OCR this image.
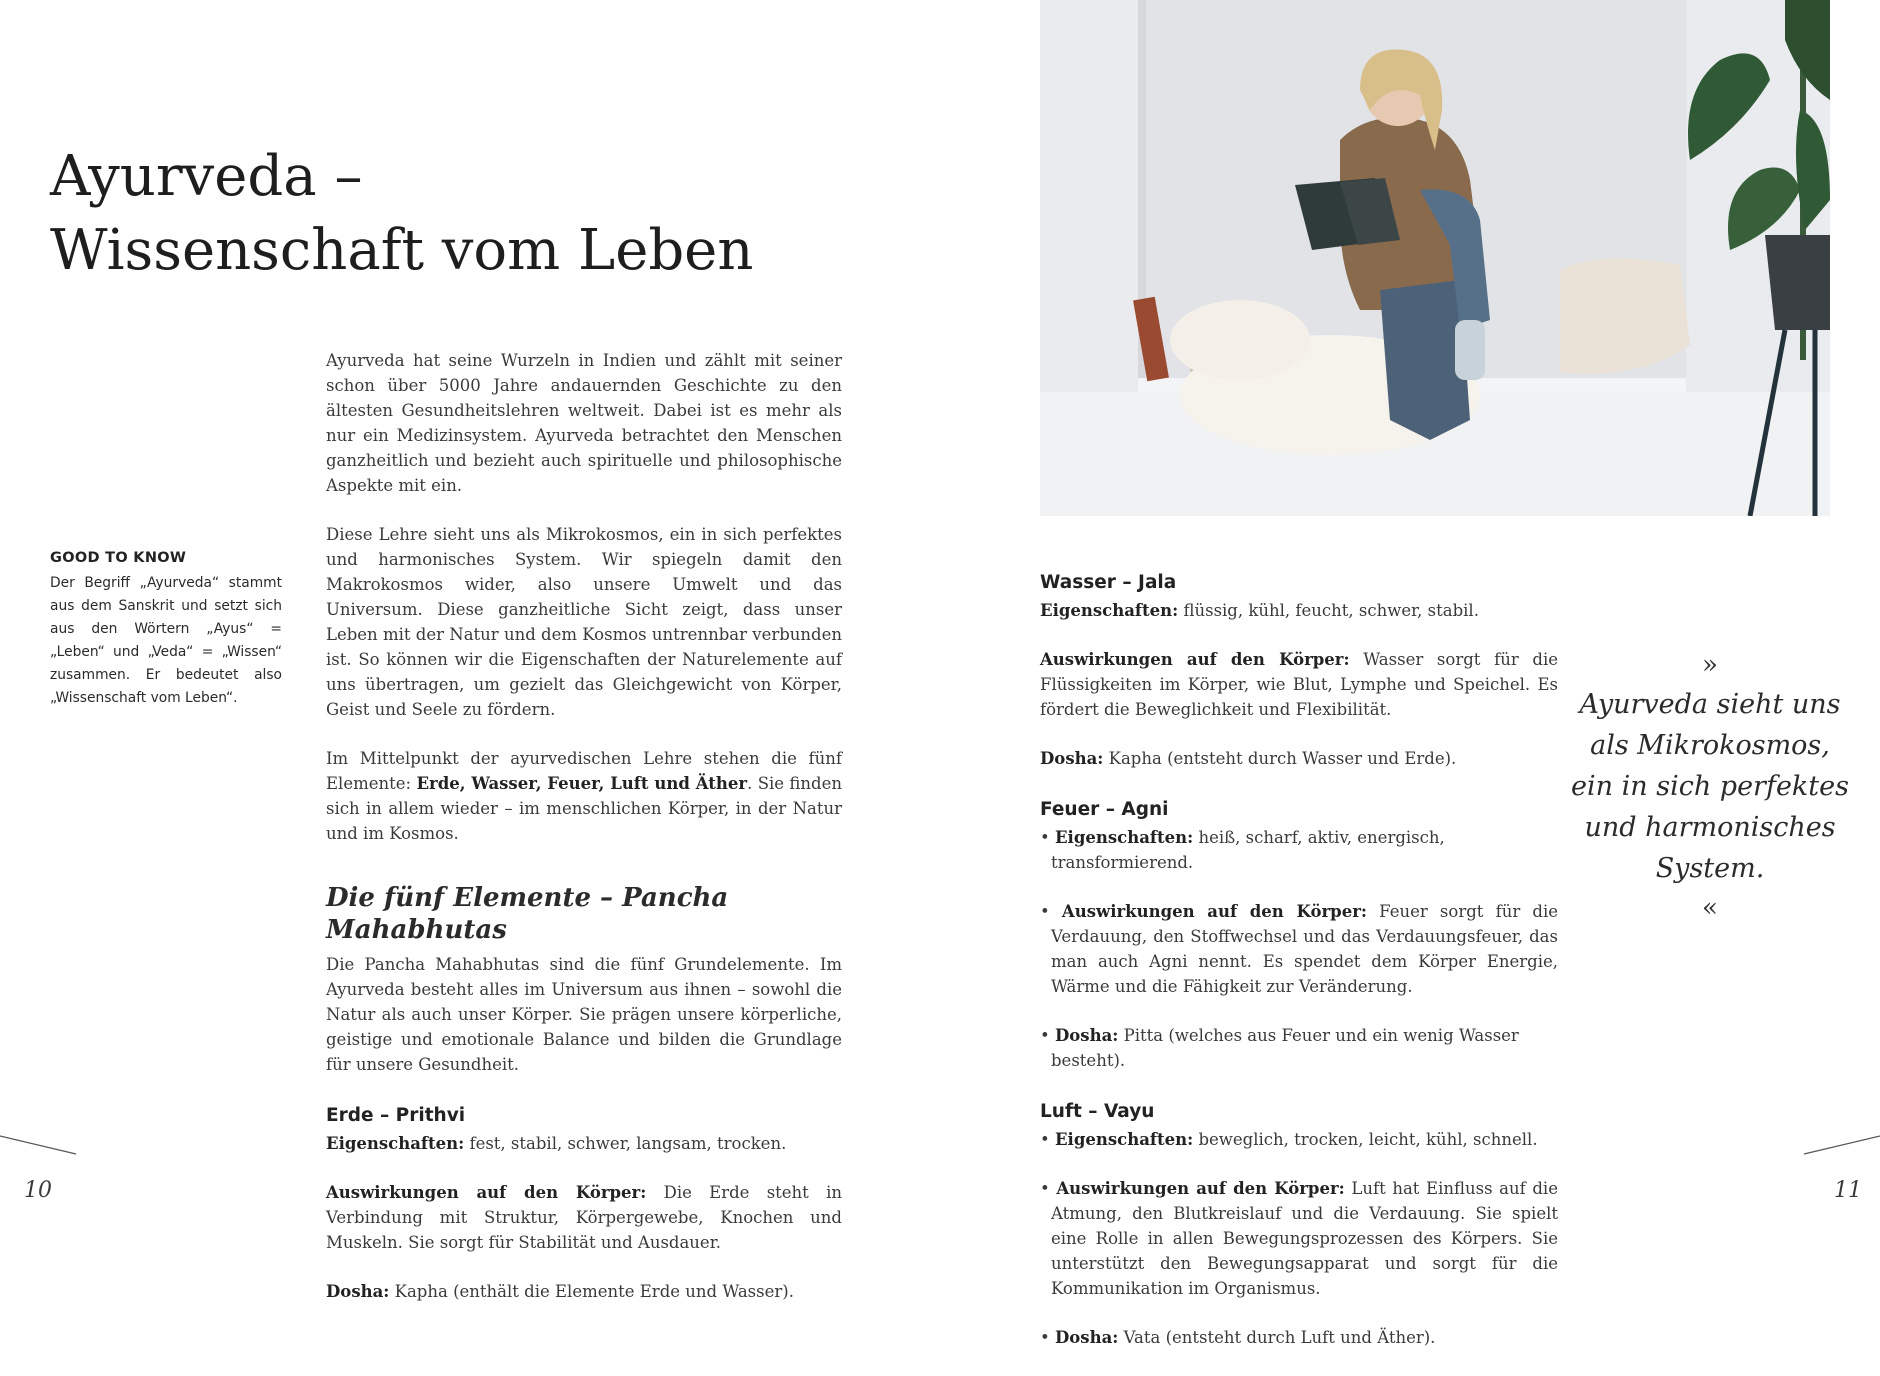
Ayurveda –
Wissenschaft vom Leben
GOOD TO KNOW
Der Begriff „Ayurveda“ stammt aus dem Sanskrit und setzt sich aus den Wörtern „Ayus“ = „Leben“ und „Veda“ = „Wissen“ zusammen. Er bedeutet also „Wissenschaft vom Leben“.

Ayurveda hat seine Wurzeln in Indien und zählt mit seiner schon über 5000 Jahre andauernden Geschichte zu den ältesten Gesundheitslehren weltweit. Dabei ist es mehr als nur ein Medizinsystem. Ayurveda betrachtet den Menschen ganzheitlich und bezieht auch spirituelle und philosophische Aspekte mit ein.

Diese Lehre sieht uns als Mikrokosmos, ein in sich perfektes und harmonisches System. Wir spiegeln damit den Makrokosmos wider, also unsere Umwelt und das Universum. Diese ganzheitliche Sicht zeigt, dass unser Leben mit der Natur und dem Kosmos untrennbar verbunden ist. So können wir die Eigenschaften der Naturelemente auf uns übertragen, um gezielt das Gleichgewicht von Körper, Geist und Seele zu fördern.

Im Mittelpunkt der ayurvedischen Lehre stehen die fünf Elemente: Erde, Wasser, Feuer, Luft und Äther. Sie finden sich in allem wieder – im menschlichen Körper, in der Natur und im Kosmos.

Die fünf Elemente – Pancha Mahabhutas

Die Pancha Mahabhutas sind die fünf Grundelemente. Im Ayurveda besteht alles im Universum aus ihnen – sowohl die Natur als auch unser Körper. Sie prägen unsere körperliche, geistige und emotionale Balance und bilden die Grundlage für unsere Gesundheit.

Erde – Prithvi

Eigenschaften: fest, stabil, schwer, langsam, trocken.

Auswirkungen auf den Körper: Die Erde steht in Verbindung mit Struktur, Körpergewebe, Knochen und Muskeln. Sie sorgt für Stabilität und Ausdauer.

Dosha: Kapha (enthält die Elemente Erde und Wasser).

Wasser – Jala

Eigenschaften: flüssig, kühl, feucht, schwer, stabil.

Auswirkungen auf den Körper: Wasser sorgt für die Flüssigkeiten im Körper, wie Blut, Lymphe und Speichel. Es fördert die Beweglichkeit und Flexibilität.

Dosha: Kapha (entsteht durch Wasser und Erde).

Feuer – Agni

• Eigenschaften: heiß, scharf, aktiv, energisch, transformierend.

• Auswirkungen auf den Körper: Feuer sorgt für die Verdauung, den Stoffwechsel und das Verdauungsfeuer, das man auch Agni nennt. Es spendet dem Körper Energie, Wärme und die Fähigkeit zur Veränderung.

• Dosha: Pitta (welches aus Feuer und ein wenig Wasser besteht).

Luft – Vayu

• Eigenschaften: beweglich, trocken, leicht, kühl, schnell.

• Auswirkungen auf den Körper: Luft hat Einfluss auf die Atmung, den Blutkreislauf und die Verdauung. Sie spielt eine Rolle in allen Bewegungsprozessen des Körpers. Sie unterstützt den Bewegungsapparat und sorgt für die Kommunikation im Organismus.

• Dosha: Vata (entsteht durch Luft und Äther).

»
Ayurveda sieht uns
als Mikrokosmos,
ein in sich perfektes
und harmonisches
System.
«
10	11
